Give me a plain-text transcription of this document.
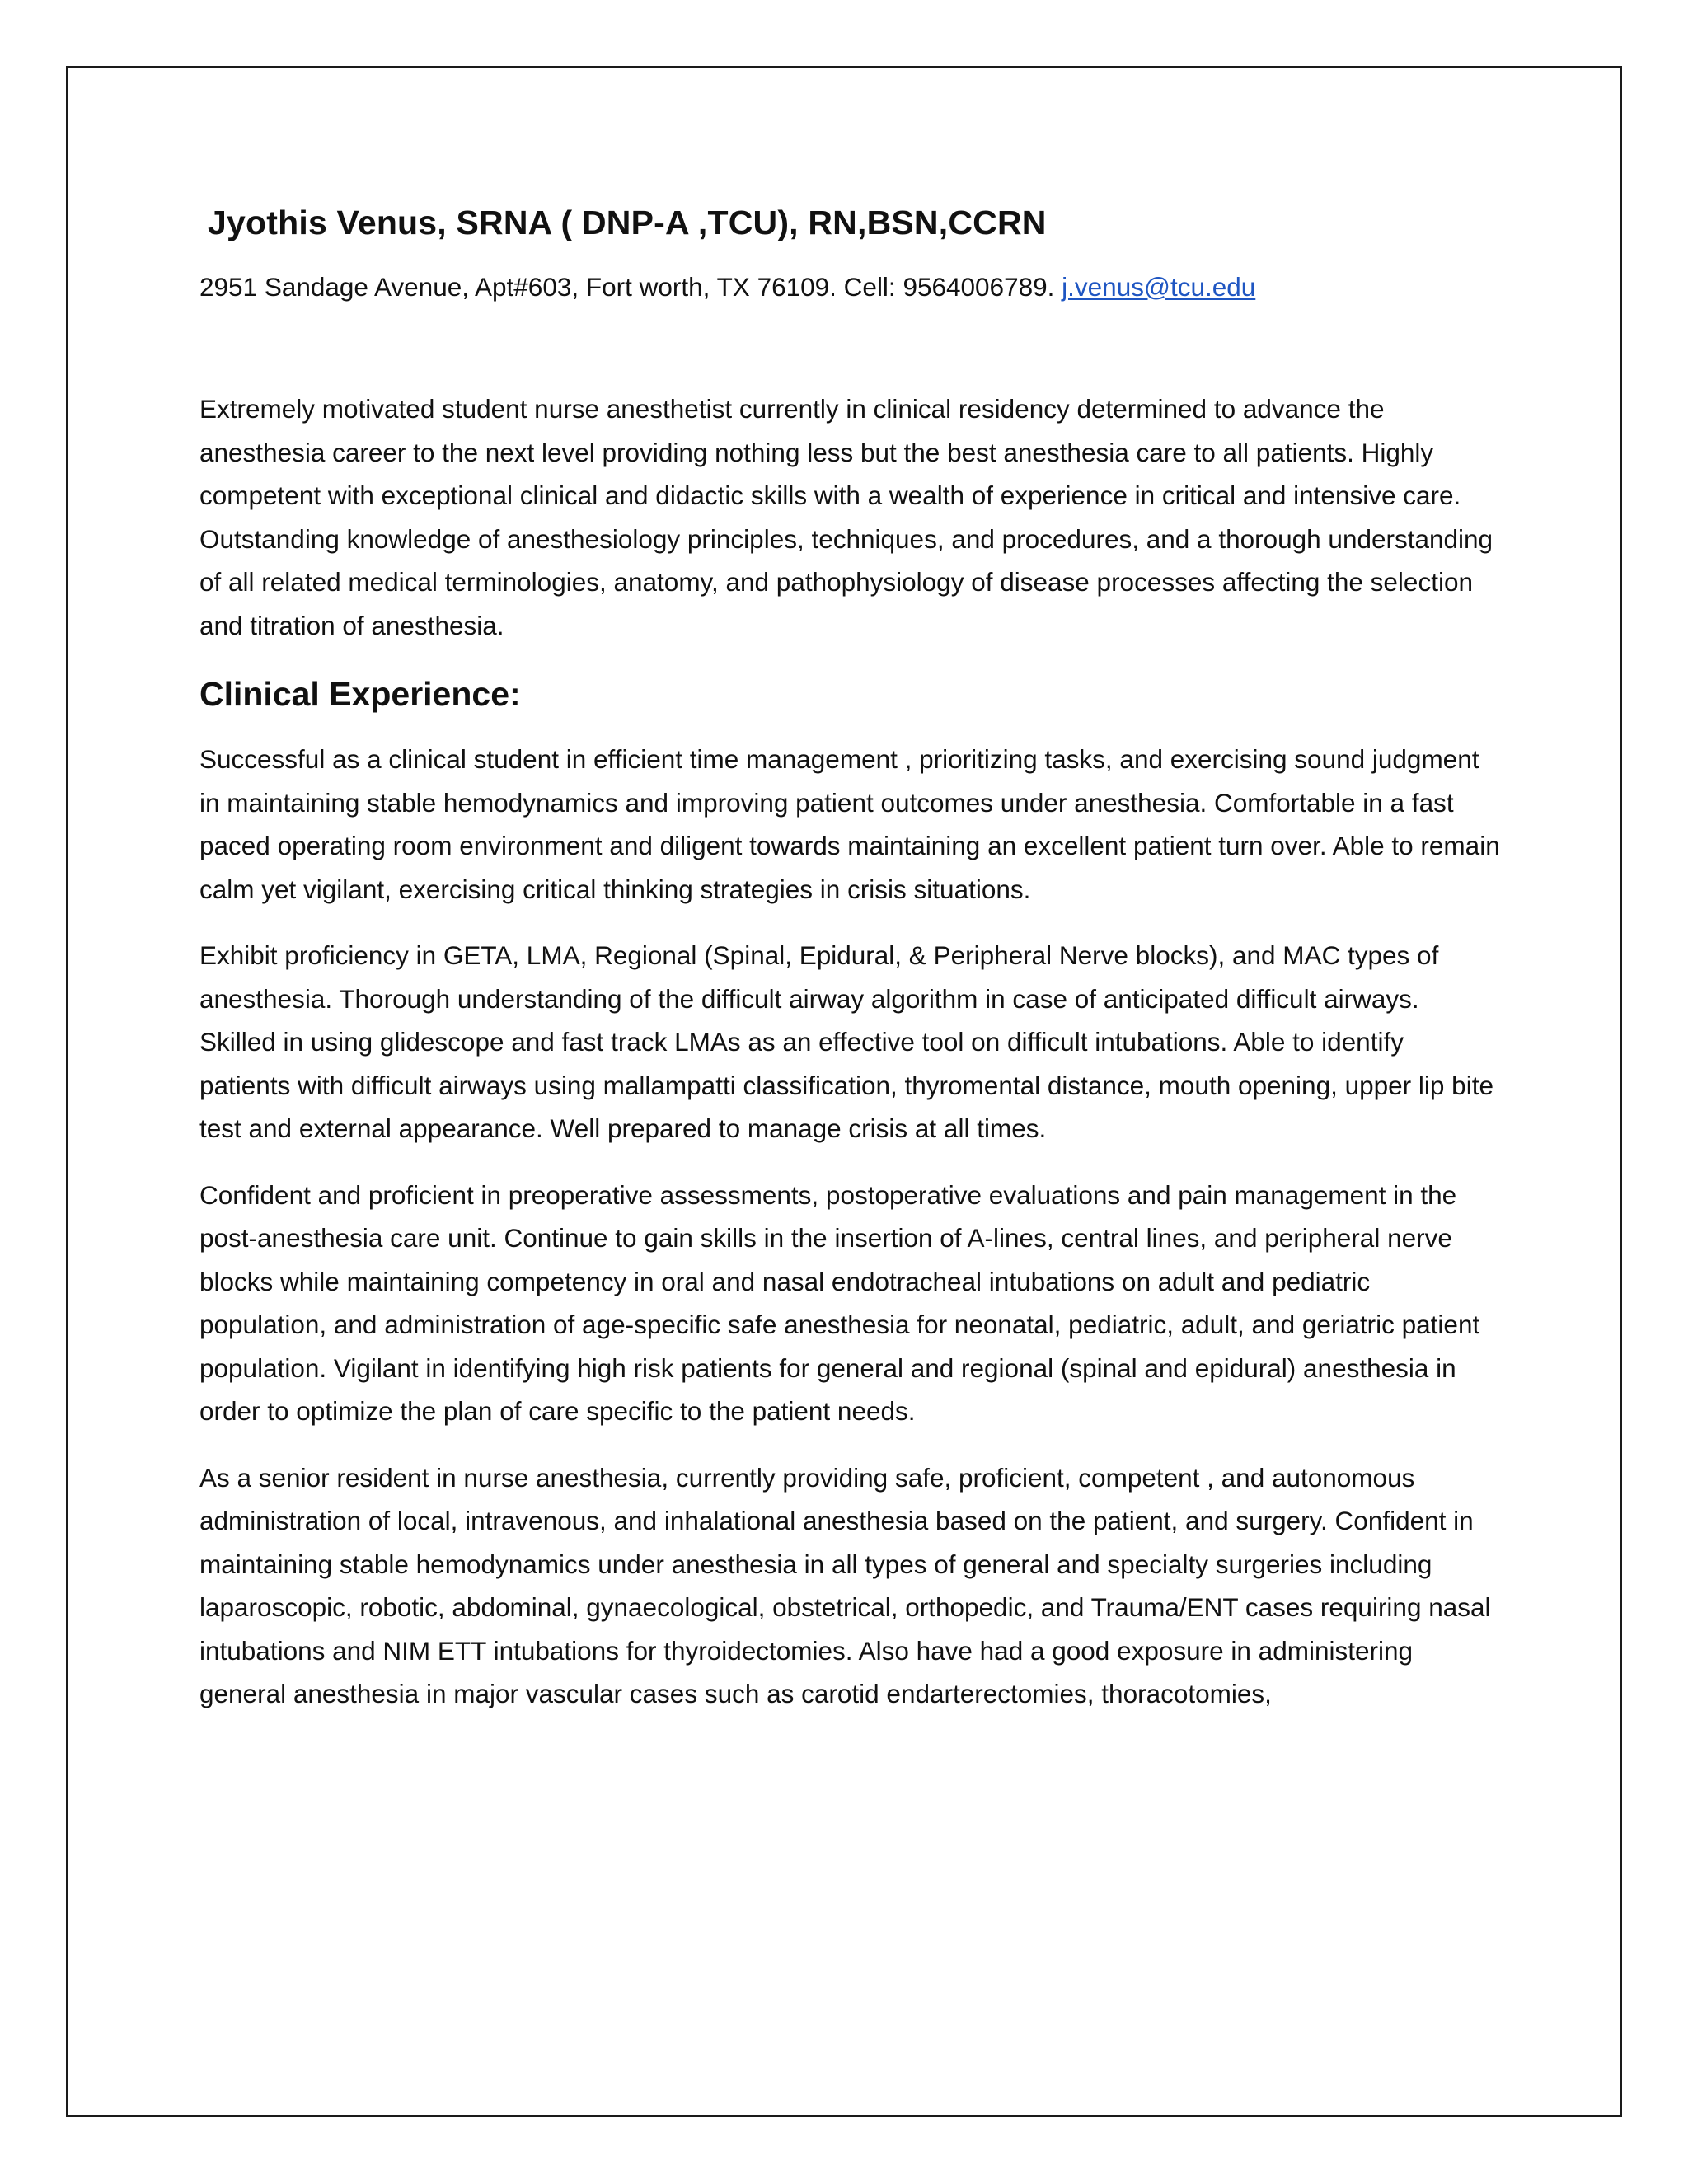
Jyothis Venus, SRNA ( DNP-A ,TCU), RN,BSN,CCRN

2951 Sandage Avenue, Apt#603, Fort worth, TX 76109. Cell: 9564006789. j.venus@tcu.edu

Extremely motivated student nurse anesthetist currently in clinical residency determined to advance the anesthesia career to the next level providing nothing less but the best anesthesia care to all patients. Highly competent with exceptional clinical and didactic skills with a wealth of experience in critical and intensive care. Outstanding knowledge of anesthesiology principles, techniques, and procedures, and a thorough understanding of all related medical terminologies, anatomy, and pathophysiology of disease processes affecting the selection and titration of anesthesia.

Clinical Experience:

Successful as a clinical student in efficient time management , prioritizing tasks, and exercising sound judgment in maintaining stable hemodynamics and improving patient outcomes under anesthesia. Comfortable in a fast paced operating room environment and diligent towards maintaining an excellent patient turn over. Able to remain calm yet vigilant, exercising critical thinking strategies in crisis situations.

Exhibit proficiency in GETA, LMA, Regional (Spinal, Epidural, & Peripheral Nerve blocks), and MAC types of anesthesia. Thorough understanding of the difficult airway algorithm in case of anticipated difficult airways. Skilled in using glidescope and fast track LMAs as an effective tool on difficult intubations. Able to identify patients with difficult airways using mallampatti classification, thyromental distance, mouth opening, upper lip bite test and external appearance. Well prepared to manage crisis at all times.

Confident and proficient in preoperative assessments, postoperative evaluations and pain management in the post-anesthesia care unit. Continue to gain skills in the insertion of A-lines, central lines, and peripheral nerve blocks while maintaining competency in oral and nasal endotracheal intubations on adult and pediatric population, and administration of age-specific safe anesthesia for neonatal, pediatric, adult, and geriatric patient population. Vigilant in identifying high risk patients for general and regional (spinal and epidural) anesthesia in order to optimize the plan of care specific to the patient needs.

As a senior resident in nurse anesthesia, currently providing safe, proficient, competent , and autonomous administration of local, intravenous, and inhalational anesthesia based on the patient, and surgery. Confident in maintaining stable hemodynamics under anesthesia in all types of general and specialty surgeries including laparoscopic, robotic, abdominal, gynaecological, obstetrical, orthopedic, and Trauma/ENT cases requiring nasal intubations and NIM ETT intubations for thyroidectomies. Also have had a good exposure in administering general anesthesia in major vascular cases such as carotid endarterectomies, thoracotomies,
